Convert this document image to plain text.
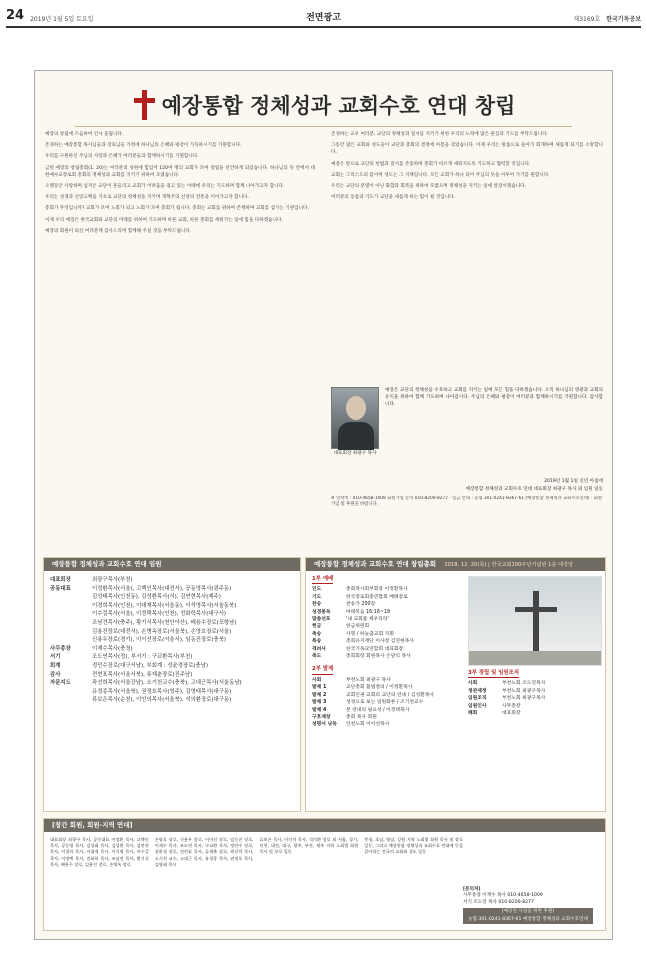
24 2019년 1월 5일 토요일	전면광고	제3169호 한국기독공보
예장통합 정체성과 교회수호 연대 창립

예장의 창립에 즈음하여 인사 올립니다.

존경하는 예장통합 목사님들과 장로님들 가정에 하나님의 은혜와 평강이 가득하시기를 기원합니다.

우리를 구원하신 주님의 사랑과 은혜가 여러분들과 함께하시기를 기원합니다.

금번 예장의 창립총회(1. 20)는 여러분의 성원에 힘입어 120여 명의 교회가 모여 창립을 선언하게 되었습니다. 하나님의 뜻 안에서 대한예수교장로회 총회의 정체성과 교회를 지키기 위하여 모였습니다.

오랫동안 사랑하며 섬겨온 교단이 흔들리고 교회가 어려움을 겪고 있는 이때에 우리는 기도하며 함께 나아가고자 합니다.

우리는 성경과 신앙고백을 기초로 교단의 정체성을 지키며 개혁주의 신앙의 전통을 이어가고자 합니다.

총회가 무엇입니까? 교회가 모여 노회가 되고 노회가 모여 총회가 됩니다. 총회는 교회를 위하여 존재하며 교회를 섬기는 기관입니다.

이제 우리 예장은 한국교회와 교단의 미래를 위하여 기도하며 바른 교회, 바른 총회를 세워가는 일에 힘을 다하겠습니다.

예장의 회원이 되신 여러분께 감사드리며 함께해 주실 것을 부탁드립니다.

존경하는 교우 여러분, 교단의 정체성과 질서를 지키기 위한 우리의 노력에 많은 관심과 기도를 부탁드립니다.

그동안 많은 교회와 성도들이 교단과 총회의 결정에 아픔을 겪었습니다. 이제 우리는 말씀으로 돌아가 회개하며 새롭게 되기를 소망합니다.

예장은 앞으로 교단의 헌법과 질서를 존중하며 총회가 바르게 세워지도록 기도하고 협력할 것입니다.

교회는 그리스도의 몸이며 성도는 그 지체입니다. 모든 교회가 하나 되어 주님의 뜻을 이루어 가기를 원합니다.

우리는 교단의 분열이 아닌 화합과 회복을 위하여 모였으며 정체성을 지키는 일에 앞장서겠습니다.

여러분의 동참과 기도가 교단을 새롭게 하는 힘이 될 것입니다.

대표회장 최광구 목사
예장은 교단의 정체성을 수호하고 교회를 지키는 일에 모든 힘을 다하겠습니다. 오직 하나님의 영광과 교회의 유익을 위하여 함께 기도하며 나아갑시다. 주님의 은혜와 평강이 여러분과 함께하시기를 기원합니다. 감사합니다.
2019년 1월 1일 신년 아침에
예장통합 정체성과 교회수호 연대 대표회장 최광구 목사 외 임원 일동
※ 연락처 : 010-4658-1009 회원가입 문의 010-8200-8277 · 입금 안내 : 농협 301-0241-8367-61 (예장통합 정체성과 교회수호연대) · 회원가입 및 후원을 바랍니다.
예장통합 정체성과 교회수호 연대 임원
대표회장	최광구목사(부천)
공동대표	이정환목사(서울), 고백인목사(대전서), 공동영목사(광주동)
김성태목사(인천동), 김성환목사(서), 김연현목사(제주)
이경희목사(인천), 이대재목사(서울동), 이석영목사(서울동북)
이수걸목사(서울), 이정택목사(인천), 전화학목사(대구서)
조남견목사(충주), 황기식목사(천안아산), 배용수장로(포항남)
김용진장로(대전서), 손병옥장로(서울북), 손영호장로(서울)
신용우장로(경기), 이이선장로(서울서), 임동진장로(충북)
사무총장	이재수목사(충청)
서기	조도연목사(정), 부서기 : 구교환목사(부천)
회계	정민수장로(대구서남), 부회계 : 성윤경장로(충남)
감사	전현표목사(서울서북), 류재춘장로(진주남)
자문지도	곽선희목사(서울강남), 소기천교수(충북), 고대근목사(서울동남)
유경종목사(서울북), 권정호목사(영주), 김영태목사(대구동)
류보은목사(순천), 이인의목사(서울북), 석의환장로(대구동)
예장통합 정체성과 교회수호 연대 창립총회 2018. 12. 20(목) | 한국교회100주년기념관 1층 대강당
1부 예배
인도	총회목사회부회장 이정환목사
기도	한국장로회총연합회 배례장로
찬송	찬송가 200장
성경봉독	마태복음 16:16~18
말씀선포	'내 교회를 세우리라'
헌금	한금위원회
축송	사명 / 하늘꿈교회 지휘
특송	총회유지재단 이사장 김연현목사
격려사	한국기독교연합회 대표회장
축도	총회회장 회원목사 손달익 목사
2부 발제
사회	부천노회 최광구 목사
발제 1	교단총회 불법결의 / 이정환목사
발제 2	교회인권 교회의 교단의 연대 / 김성환목사
발제 3	성경으로 보는 일원화론 / 조기천교수
발제 4	본 연대의 필요성 / 이정택목사
구호제창	총회 목사 회원
성명서 낭독	인천노회 이이선목사
3부 창립 및 임원조직
사회	부천노회 조도연목사
정관제정	부천노회 최광구목사
임원조직	부천노회 최광구목사
임원인사	사무총장
폐회	대표회장
[창간 회원, 회원·지역 연대]
대표회장 최광구 목사, 공동대표 이정환 목사, 고백인 목사, 공동영 목사, 김성태 목사, 김성환 목사, 김연현 목사, 이경희 목사, 이대재 목사, 이석영 목사, 이수걸 목사, 이정택 목사, 전화학 목사, 조남견 목사, 황기식 목사, 배용수 장로, 김용진 장로, 손병옥 장로
손영호 장로, 신용우 장로, 이이선 장로, 임동진 장로, 이재수 목사, 조도연 목사, 구교환 목사, 정민수 장로, 성윤경 장로, 전현표 목사, 류재춘 장로, 곽선희 목사, 소기천 교수, 고대근 목사, 유경종 목사, 권정호 목사, 김영태 목사
류보은 목사, 이인의 목사, 석의환 장로 외 서울, 경기, 인천, 대전, 대구, 광주, 부산, 제주 지역 노회별 회원 목사 및 장로 일동
충청, 호남, 영남, 강원 지역 노회별 회원 목사 및 장로 일동, 그리고 예장통합 정체성과 교회수호 연대에 뜻을 같이하는 전국의 교회와 성도 일동
[문의처]
사무총장 이재수 목사 010-4658-1009
서기 조도연 목사 010-8200-8277
[예장연 사업을 위한 후원]
농협 301-0241-8367-61 예장통합 정체성과 교회수호연대
